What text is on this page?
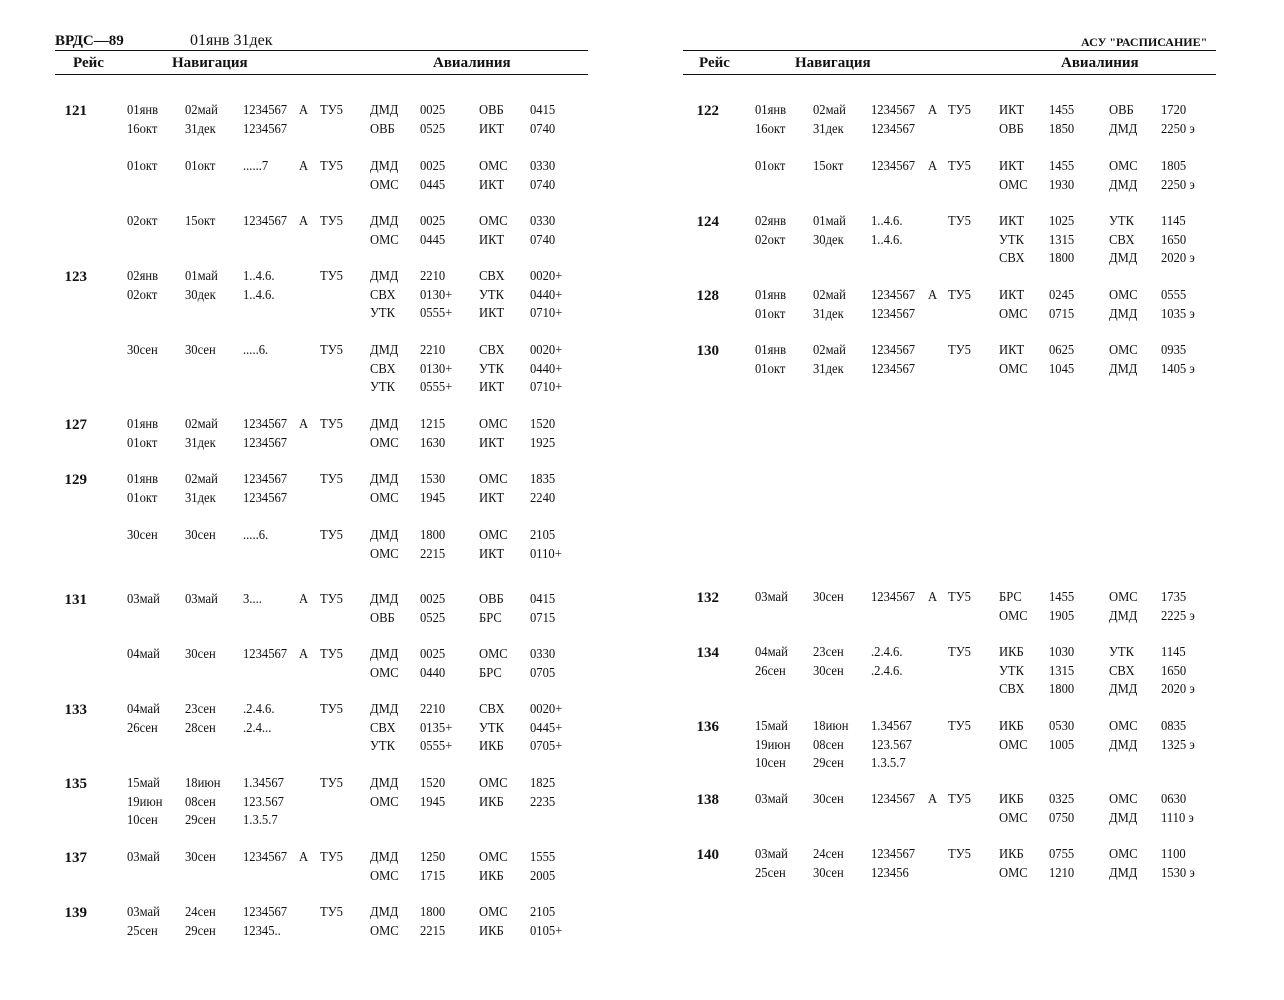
ВРДС—89	01янв 31дек
Рейс	Навигация	Авиалиния
121	01янв 02май 1234567 А ТУ5 ДМД 0025 ОВБ 0415
16окт 31дек 1234567	ОВБ 0525 ИКТ 0740
01окт 01окт ......7 А ТУ5 ДМД 0025 ОМС 0330
ОМС 0445 ИКТ 0740
02окт 15окт 1234567 А ТУ5 ДМД 0025 ОМС 0330
ОМС 0445 ИКТ 0740
123	02янв 01май 1..4.6.	ТУ5 ДМД 2210 СВХ 0020+
02окт 30дек 1..4.6.	СВХ 0130+ УТК 0440+
УТК 0555+ ИКТ 0710+
30сен 30сен .....6.	ТУ5 ДМД 2210 СВХ 0020+
СВХ 0130+ УТК 0440+
УТК 0555+ ИКТ 0710+
127	01янв 02май 1234567 А ТУ5 ДМД 1215 ОМС 1520
01окт 31дек 1234567	ОМС 1630 ИКТ 1925
129	01янв 02май 1234567 ТУ5 ДМД 1530 ОМС 1835
01окт 31дек 1234567	ОМС 1945 ИКТ 2240
30сен 30сен .....6.	ТУ5 ДМД 1800 ОМС 2105
ОМС 2215 ИКТ 0110+
131	03май 03май 3....	А ТУ5 ДМД 0025 ОВБ 0415
ОВБ 0525 БРС 0715
04май 30сен 1234567 А ТУ5 ДМД 0025 ОМС 0330
ОМС 0440 БРС 0705
133	04май 23сен .2.4.6.	ТУ5 ДМД 2210 СВХ 0020+
26сен 28сен .2.4...	СВХ 0135+ УТК 0445+
УТК 0555+ ИКБ 0705+
135	15май 18июн 1.34567	ТУ5 ДМД 1520 ОМС 1825
19июн 08сен 123.567	ОМС 1945 ИКБ 2235
10сен 29сен 1.3.5.7
137	03май 30сен 1234567 А ТУ5 ДМД 1250 ОМС 1555
ОМС 1715 ИКБ 2005
139	03май 24сен 1234567 ТУ5 ДМД 1800 ОМС 2105
25сен 29сен 12345..	ОМС 2215 ИКБ 0105+
АСУ "РАСПИСАНИЕ"
Рейс	Навигация	Авиалиния
122	01янв 02май 1234567 А ТУ5 ИКТ 1455 ОВБ 1720
16окт 31дек 1234567	ОВБ 1850 ДМД 2250 э
01окт 15окт 1234567 А ТУ5 ИКТ 1455 ОМС 1805
ОМС 1930 ДМД 2250 э
124	02янв 01май 1..4.6.	ТУ5 ИКТ 1025 УТК 1145
02окт 30дек 1..4.6.	УТК 1315 СВХ 1650
СВХ 1800 ДМД 2020 э
128	01янв 02май 1234567 А ТУ5 ИКТ 0245 ОМС 0555
01окт 31дек 1234567	ОМС 0715 ДМД 1035 э
130	01янв 02май 1234567 ТУ5 ИКТ 0625 ОМС 0935
01окт 31дек 1234567	ОМС 1045 ДМД 1405 э
132	03май 30сен 1234567 А ТУ5 БРС 1455 ОМС 1735
ОМС 1905 ДМД 2225 э
134	04май 23сен .2.4.6.	ТУ5 ИКБ 1030 УТК 1145
26сен 30сен .2.4.6.	УТК 1315 СВХ 1650
СВХ 1800 ДМД 2020 э
136	15май 18июн 1.34567	ТУ5 ИКБ 0530 ОМС 0835
19июн 08сен 123.567	ОМС 1005 ДМД 1325 э
10сен 29сен 1.3.5.7
138	03май 30сен 1234567 А ТУ5 ИКБ 0325 ОМС 0630
ОМС 0750 ДМД 1110 э
140	03май 24сен 1234567 ТУ5 ИКБ 0755 ОМС 1100
25сен 30сен 123456	ОМС 1210 ДМД 1530 э
